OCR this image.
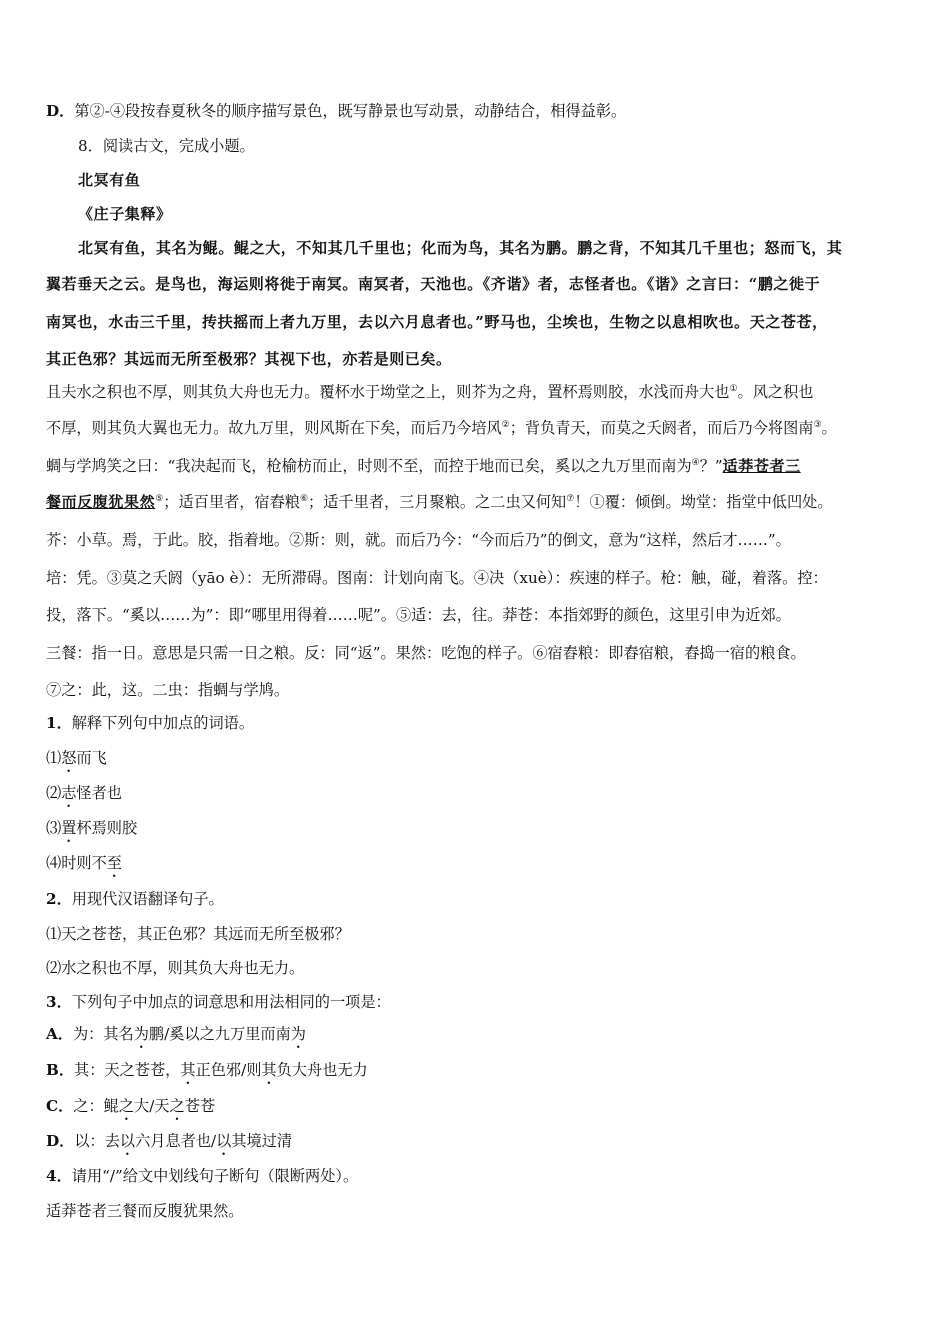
D．第②-④段按春夏秋冬的顺序描写景色，既写静景也写动景，动静结合，相得益彰。
8．阅读古文，完成小题。
北冥有鱼
《庄子集释》
北冥有鱼，其名为鲲。鲲之大，不知其几千里也；化而为鸟，其名为鹏。鹏之背，不知其几千里也；怒而飞，其
翼若垂天之云。是鸟也，海运则将徙于南冥。南冥者，天池也。《齐谐》者，志怪者也。《谐》之言曰：“鹏之徙于
南冥也，水击三千里，抟扶摇而上者九万里，去以六月息者也。”野马也，尘埃也，生物之以息相吹也。天之苍苍，
其正色邪？其远而无所至极邪？其视下也，亦若是则已矣。
且夫水之积也不厚，则其负大舟也无力。覆杯水于坳堂之上，则芥为之舟，置杯焉则胶，水浅而舟大也①。风之积也
不厚，则其负大翼也无力。故九万里，则风斯在下矣，而后乃今培风②；背负青天，而莫之夭阏者，而后乃今将图南③。
蜩与学鸠笑之曰：“我决起而飞，枪榆枋而止，时则不至，而控于地而已矣，奚以之九万里而南为④？”适莽苍者三
餐而反腹犹果然⑤；适百里者，宿舂粮⑥；适千里者，三月聚粮。之二虫又何知⑦！①覆：倾倒。坳堂：指堂中低凹处。
芥：小草。焉，于此。胶，指着地。②斯：则，就。而后乃今：“今而后乃”的倒文，意为“这样，然后才……”。
培：凭。③莫之夭阏（yāo è）：无所滞碍。图南：计划向南飞。④决（xuè）：疾速的样子。枪：触，碰，着落。控：
投，落下。“奚以……为”：即“哪里用得着……呢”。⑤适：去，往。莽苍：本指郊野的颜色，这里引申为近郊。
三餐：指一日。意思是只需一日之粮。反：同“返”。果然：吃饱的样子。⑥宿舂粮：即舂宿粮，舂捣一宿的粮食。
⑦之：此，这。二虫：指蜩与学鸠。
1．解释下列句中加点的词语。
⑴怒而飞
⑵志怪者也
⑶置杯焉则胶
⑷时则不至
2．用现代汉语翻译句子。
⑴天之苍苍，其正色邪？其远而无所至极邪？
⑵水之积也不厚，则其负大舟也无力。
3．下列句子中加点的词意思和用法相同的一项是：
A．为：其名为鹏/奚以之九万里而南为
B．其：天之苍苍，其正色邪/则其负大舟也无力
C．之：鲲之大/天之苍苍
D．以：去以六月息者也/以其境过清
4．请用“/”给文中划线句子断句（限断两处）。
适莽苍者三餐而反腹犹果然。
